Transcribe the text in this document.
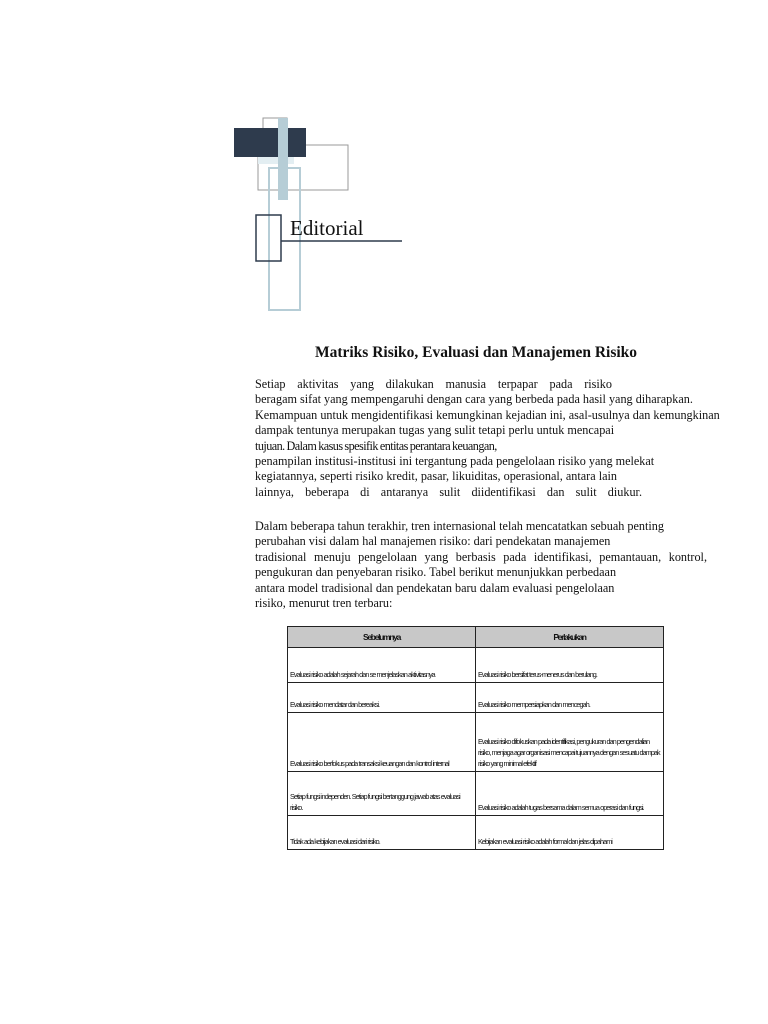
Editorial
Matriks Risiko, Evaluasi dan Manajemen Risiko
Setiap aktivitas yang dilakukan manusia terpapar pada risiko
beragam sifat yang mempengaruhi dengan cara yang berbeda pada hasil yang diharapkan.
Kemampuan untuk mengidentifikasi kemungkinan kejadian ini, asal-usulnya dan kemungkinan
dampak tentunya merupakan tugas yang sulit tetapi perlu untuk mencapai
tujuan. Dalam kasus spesifik entitas perantara keuangan,
penampilan institusi-institusi ini tergantung pada pengelolaan risiko yang melekat
kegiatannya, seperti risiko kredit, pasar, likuiditas, operasional, antara lain
lainnya, beberapa di antaranya sulit diidentifikasi dan sulit diukur.
Dalam beberapa tahun terakhir, tren internasional telah mencatatkan sebuah penting
perubahan visi dalam hal manajemen risiko: dari pendekatan manajemen
tradisional menuju pengelolaan yang berbasis pada identifikasi, pemantauan, kontrol,
pengukuran dan penyebaran risiko. Tabel berikut menunjukkan perbedaan
antara model tradisional dan pendekatan baru dalam evaluasi pengelolaan
risiko, menurut tren terbaru:
Sebelumnya	Perlakukan
Evaluasi risiko adalah sejarah dan se menjelaskan aktivitasnya	Evaluasi risiko bersifat terus-menerus dan berulang.
Evaluasi risiko mendatar dan bereaksi.	Evaluasi risiko mempersiapkan dan mencegah.
Evaluasi risiko berfokus pada transaksi keuangan dan kontrol internal	Evaluasi risiko difokuskan pada identifikasi, pengukuran dan pengendalian risiko, menjaga agar organisasi mencapai tujuannya dengan sesuatu dampak risiko yang minimal efektif
Setiap fungsi independen. Setiap fungsi bertanggung jawab atas evaluasi risiko.	Evaluasi risiko adalah tugas bersama dalam semua operasi dan fungsi.
Tidak ada kebijakan evaluasi dari risiko.	Kebijakan evaluasi risiko adalah formal dan jelas dipahami
